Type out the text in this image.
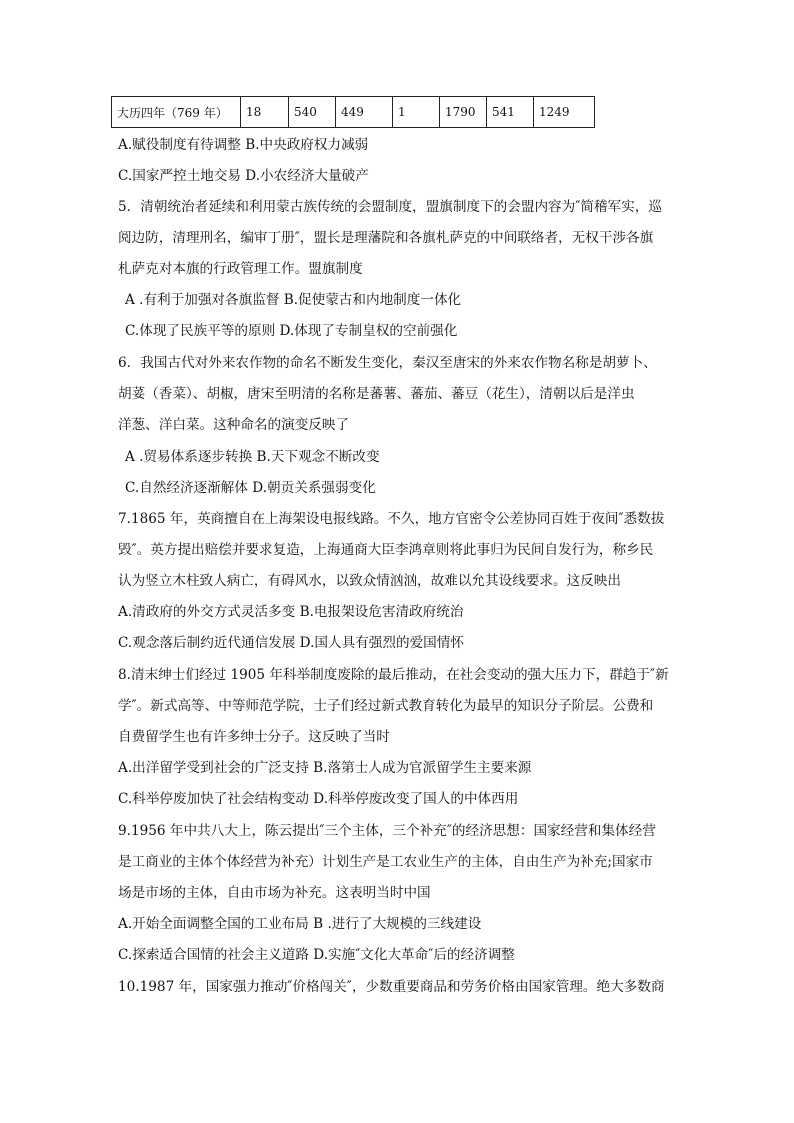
大历四年（769 年）	18	540	449	1	1790	541	1249
A.赋役制度有待调整 B.中央政府权力减弱
C.国家严控土地交易 D.小农经济大量破产
5．清朝统治者延续和利用蒙古族传统的会盟制度，盟旗制度下的会盟内容为″简稽军实，巡
阅边防，清理刑名，编审丁册″，盟长是理藩院和各旗札萨克的中间联络者，无权干涉各旗
札萨克对本旗的行政管理工作。盟旗制度
A .有利于加强对各旗监督 B.促使蒙古和内地制度一体化
C.体现了民族平等的原则 D.体现了专制皇权的空前强化
6．我国古代对外来农作物的命名不断发生变化，秦汉至唐宋的外来农作物名称是胡萝卜、
胡荽（香菜）、胡椒，唐宋至明清的名称是蕃薯、蕃茄、蕃豆（花生），清朝以后是洋虫
洋葱、洋白菜。这种命名的演变反映了
A .贸易体系逐步转换 B.天下观念不断改变
C.自然经济逐渐解体 D.朝贡关系强弱变化
7.1865 年，英商擅自在上海架设电报线路。不久，地方官密令公差协同百姓于夜间″悉数拔
毁″。英方提出赔偿并要求复造，上海通商大臣李鸿章则将此事归为民间自发行为，称乡民
认为竖立木柱致人病亡，有碍风水，以致众情汹汹，故难以允其设线要求。这反映出
A.清政府的外交方式灵活多变 B.电报架设危害清政府统治
C.观念落后制约近代通信发展 D.国人具有强烈的爱国情怀
8.清末绅士们经过 1905 年科举制度废除的最后推动，在社会变动的强大压力下，群趋于″新
学″。新式高等、中等师范学院，士子们经过新式教育转化为最早的知识分子阶层。公费和
自费留学生也有许多绅士分子。这反映了当时
A.出洋留学受到社会的广泛支持 B.落第士人成为官派留学生主要来源
C.科举停废加快了社会结构变动 D.科举停废改变了国人的中体西用
9.1956 年中共八大上，陈云提出″三个主体，三个补充″的经济思想：国家经营和集体经营
是工商业的主体个体经营为补充）计划生产是工农业生产的主体，自由生产为补充;国家市
场是市场的主体，自由市场为补充。这表明当时中国
A.开始全面调整全国的工业布局 B .进行了大规模的三线建设
C.探索适合国情的社会主义道路 D.实施″文化大革命″后的经济调整
10.1987 年，国家强力推动″价格闯关″，少数重要商品和劳务价格由国家管理。绝大多数商
